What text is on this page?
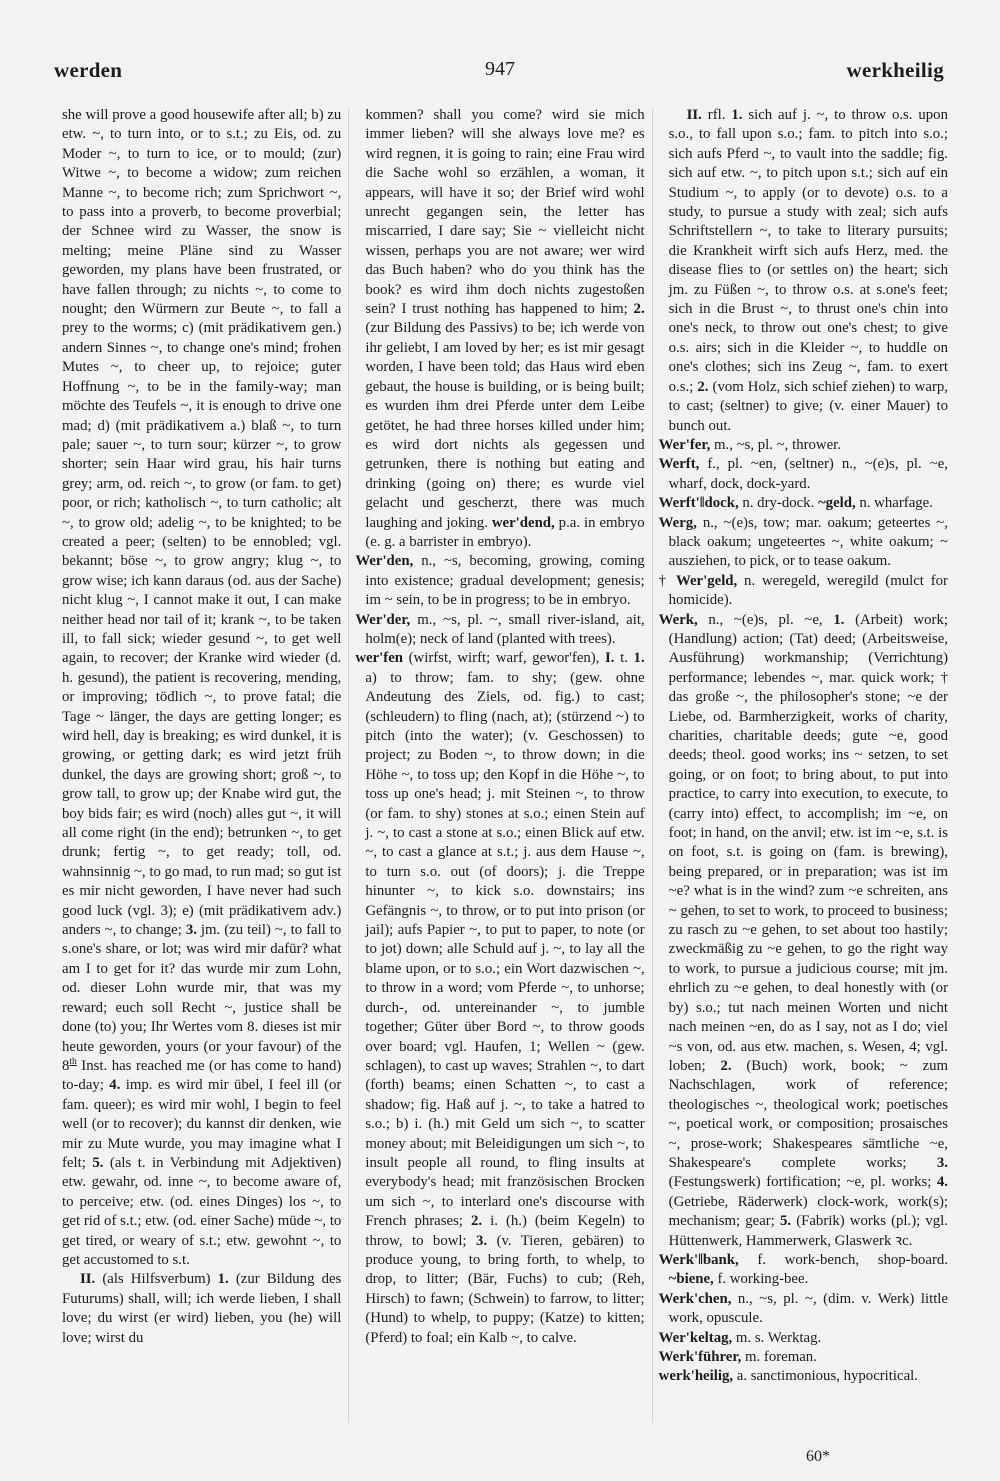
werden	947	werkheilig

she will prove a good housewife after all; b) zu etw. ~, to turn into, or to s.t.; zu Eis, od. zu Moder ~, to turn to ice, or to mould; (zur) Witwe ~, to become a widow; zum reichen Manne ~, to become rich; zum Sprichwort ~, to pass into a proverb, to become proverbial; der Schnee wird zu Wasser, the snow is melting; meine Pläne sind zu Wasser geworden, my plans have been frustrated, or have fallen through; zu nichts ~, to come to nought; den Würmern zur Beute ~, to fall a prey to the worms; c) (mit prädikativem gen.) andern Sinnes ~, to change one's mind; frohen Mutes ~, to cheer up, to rejoice; guter Hoffnung ~, to be in the family-way; man möchte des Teufels ~, it is enough to drive one mad; d) (mit prädikativem a.) blaß ~, to turn pale; sauer ~, to turn sour; kürzer ~, to grow shorter; sein Haar wird grau, his hair turns grey; arm, od. reich ~, to grow (or fam. to get) poor, or rich; katholisch ~, to turn catholic; alt ~, to grow old; adelig ~, to be knighted; to be created a peer; (selten) to be ennobled; vgl. bekannt; böse ~, to grow angry; klug ~, to grow wise; ich kann daraus (od. aus der Sache) nicht klug ~, I cannot make it out, I can make neither head nor tail of it; krank ~, to be taken ill, to fall sick; wieder gesund ~, to get well again, to recover; der Kranke wird wieder (d. h. gesund), the patient is recovering, mending, or improving; tödlich ~, to prove fatal; die Tage ~ länger, the days are getting longer; es wird hell, day is breaking; es wird dunkel, it is growing, or getting dark; es wird jetzt früh dunkel, the days are growing short; groß ~, to grow tall, to grow up; der Knabe wird gut, the boy bids fair; es wird (noch) alles gut ~, it will all come right (in the end); betrunken ~, to get drunk; fertig ~, to get ready; toll, od. wahnsinnig ~, to go mad, to run mad; so gut ist es mir nicht geworden, I have never had such good luck (vgl. 3); e) (mit prädikativem adv.) anders ~, to change; 3. jm. (zu teil) ~, to fall to s.one's share, or lot; was wird mir dafür? what am I to get for it? das wurde mir zum Lohn, od. dieser Lohn wurde mir, that was my reward; euch soll Recht ~, justice shall be done (to) you; Ihr Wertes vom 8. dieses ist mir heute geworden, yours (or your favour) of the 8th Inst. has reached me (or has come to hand) to-day; 4. imp. es wird mir übel, I feel ill (or fam. queer); es wird mir wohl, I begin to feel well (or to recover); du kannst dir denken, wie mir zu Mute wurde, you may imagine what I felt; 5. (als t. in Verbindung mit Adjektiven) etw. gewahr, od. inne ~, to become aware of, to perceive; etw. (od. eines Dinges) los ~, to get rid of s.t.; etw. (od. einer Sache) müde ~, to get tired, or weary of s.t.; etw. gewohnt ~, to get accustomed to s.t.

II. (als Hilfsverbum) 1. (zur Bildung des Futurums) shall, will; ich werde lieben, I shall love; du wirst (er wird) lieben, you (he) will love; wirst du

kommen? shall you come? wird sie mich immer lieben? will she always love me? es wird regnen, it is going to rain; eine Frau wird die Sache wohl so erzählen, a woman, it appears, will have it so; der Brief wird wohl unrecht gegangen sein, the letter has miscarried, I dare say; Sie ~ vielleicht nicht wissen, perhaps you are not aware; wer wird das Buch haben? who do you think has the book? es wird ihm doch nichts zugestoßen sein? I trust nothing has happened to him; 2. (zur Bildung des Passivs) to be; ich werde von ihr geliebt, I am loved by her; es ist mir gesagt worden, I have been told; das Haus wird eben gebaut, the house is building, or is being built; es wurden ihm drei Pferde unter dem Leibe getötet, he had three horses killed under him; es wird dort nichts als gegessen und getrunken, there is nothing but eating and drinking (going on) there; es wurde viel gelacht und gescherzt, there was much laughing and joking. wer'dend, p.a. in embryo (e. g. a barrister in embryo).

Wer'den, n., ~s, becoming, growing, coming into existence; gradual development; genesis; im ~ sein, to be in progress; to be in embryo.

Wer'der, m., ~s, pl. ~, small river-island, ait, holm(e); neck of land (planted with trees).

wer'fen (wirfst, wirft; warf, gewor'fen), I. t. 1. a) to throw; fam. to shy; (gew. ohne Andeutung des Ziels, od. fig.) to cast; (schleudern) to fling (nach, at); (stürzend ~) to pitch (into the water); (v. Geschossen) to project; zu Boden ~, to throw down; in die Höhe ~, to toss up; den Kopf in die Höhe ~, to toss up one's head; j. mit Steinen ~, to throw (or fam. to shy) stones at s.o.; einen Stein auf j. ~, to cast a stone at s.o.; einen Blick auf etw. ~, to cast a glance at s.t.; j. aus dem Hause ~, to turn s.o. out (of doors); j. die Treppe hinunter ~, to kick s.o. downstairs; ins Gefängnis ~, to throw, or to put into prison (or jail); aufs Papier ~, to put to paper, to note (or to jot) down; alle Schuld auf j. ~, to lay all the blame upon, or to s.o.; ein Wort dazwischen ~, to throw in a word; vom Pferde ~, to unhorse; durch-, od. untereinander ~, to jumble together; Güter über Bord ~, to throw goods over board; vgl. Haufen, 1; Wellen ~ (gew. schlagen), to cast up waves; Strahlen ~, to dart (forth) beams; einen Schatten ~, to cast a shadow; fig. Haß auf j. ~, to take a hatred to s.o.; b) i. (h.) mit Geld um sich ~, to scatter money about; mit Beleidigungen um sich ~, to insult people all round, to fling insults at everybody's head; mit französischen Brocken um sich ~, to interlard one's discourse with French phrases; 2. i. (h.) (beim Kegeln) to throw, to bowl; 3. (v. Tieren, gebären) to produce young, to bring forth, to whelp, to drop, to litter; (Bär, Fuchs) to cub; (Reh, Hirsch) to fawn; (Schwein) to farrow, to litter; (Hund) to whelp, to puppy; (Katze) to kitten; (Pferd) to foal; ein Kalb ~, to calve.

II. rfl. 1. sich auf j. ~, to throw o.s. upon s.o., to fall upon s.o.; fam. to pitch into s.o.; sich aufs Pferd ~, to vault into the saddle; fig. sich auf etw. ~, to pitch upon s.t.; sich auf ein Studium ~, to apply (or to devote) o.s. to a study, to pursue a study with zeal; sich aufs Schriftstellern ~, to take to literary pursuits; die Krankheit wirft sich aufs Herz, med. the disease flies to (or settles on) the heart; sich jm. zu Füßen ~, to throw o.s. at s.one's feet; sich in die Brust ~, to thrust one's chin into one's neck, to throw out one's chest; to give o.s. airs; sich in die Kleider ~, to huddle on one's clothes; sich ins Zeug ~, fam. to exert o.s.; 2. (vom Holz, sich schief ziehen) to warp, to cast; (seltner) to give; (v. einer Mauer) to bunch out.

Wer'fer, m., ~s, pl. ~, thrower.

Werft, f., pl. ~en, (seltner) n., ~(e)s, pl. ~e, wharf, dock, dock-yard.

Werft'‖dock, n. dry-dock. ~geld, n. wharfage.

Werg, n., ~(e)s, tow; mar. oakum; geteertes ~, black oakum; ungeteertes ~, white oakum; ~ ausziehen, to pick, or to tease oakum.

† Wer'geld, n. weregeld, weregild (mulct for homicide).

Werk, n., ~(e)s, pl. ~e, 1. (Arbeit) work; (Handlung) action; (Tat) deed; (Arbeitsweise, Ausführung) workmanship; (Verrichtung) performance; lebendes ~, mar. quick work; † das große ~, the philosopher's stone; ~e der Liebe, od. Barmherzigkeit, works of charity, charities, charitable deeds; gute ~e, good deeds; theol. good works; ins ~ setzen, to set going, or on foot; to bring about, to put into practice, to carry into execution, to execute, to (carry into) effect, to accomplish; im ~e, on foot; in hand, on the anvil; etw. ist im ~e, s.t. is on foot, s.t. is going on (fam. is brewing), being prepared, or in preparation; was ist im ~e? what is in the wind? zum ~e schreiten, ans ~ gehen, to set to work, to proceed to business; zu rasch zu ~e gehen, to set about too hastily; zweckmäßig zu ~e gehen, to go the right way to work, to pursue a judicious course; mit jm. ehrlich zu ~e gehen, to deal honestly with (or by) s.o.; tut nach meinen Worten und nicht nach meinen ~en, do as I say, not as I do; viel ~s von, od. aus etw. machen, s. Wesen, 4; vgl. loben; 2. (Buch) work, book; ~ zum Nachschlagen, work of reference; theologisches ~, theological work; poetisches ~, poetical work, or composition; prosaisches ~, prose-work; Shakespeares sämtliche ~e, Shakespeare's complete works; 3. (Festungswerk) fortification; ~e, pl. works; 4. (Getriebe, Räderwerk) clock-work, work(s); mechanism; gear; 5. (Fabrik) works (pl.); vgl. Hüttenwerk, Hammerwerk, Glaswerk ꝛc.

Werk'‖bank, f. work-bench, shop-board. ~biene, f. working-bee.

Werk'chen, n., ~s, pl. ~, (dim. v. Werk) little work, opuscule.

Wer'keltag, m. s. Werktag.

Werk'führer, m. foreman.

werk'heilig, a. sanctimonious, hypocritical.

60*
